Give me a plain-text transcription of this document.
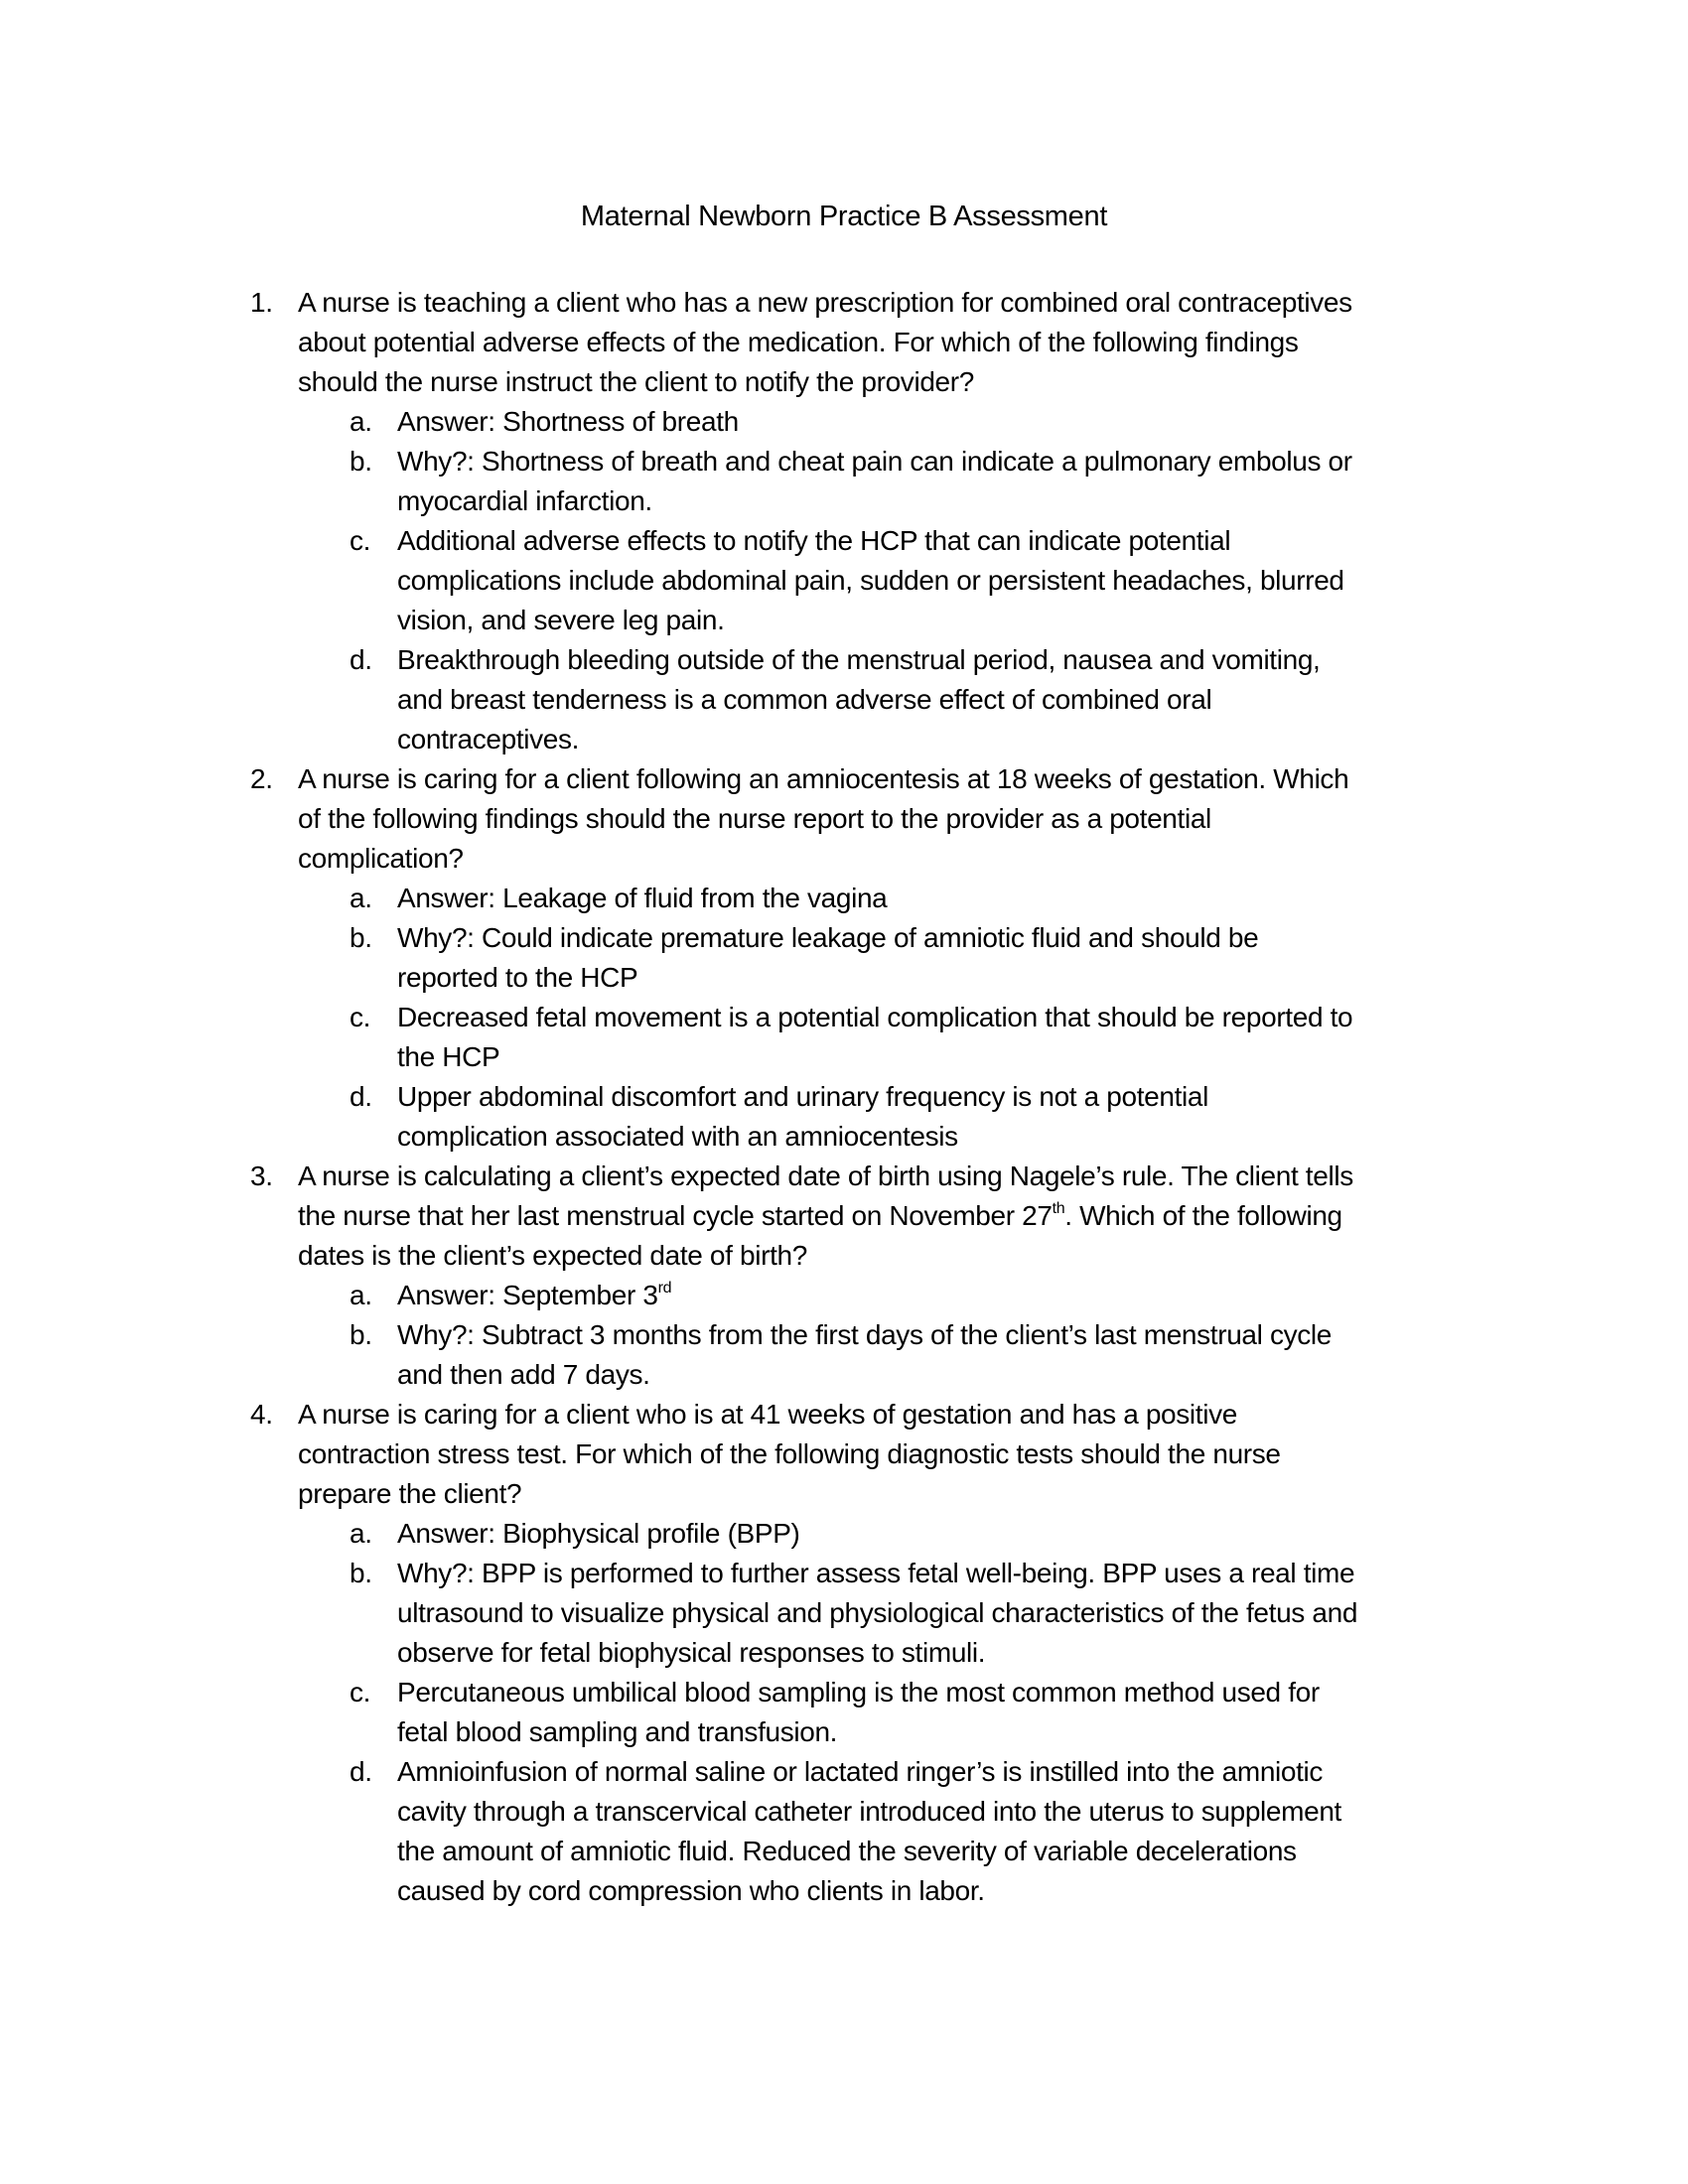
Maternal Newborn Practice B Assessment
1. A nurse is teaching a client who has a new prescription for combined oral contraceptives
about potential adverse effects of the medication. For which of the following findings
should the nurse instruct the client to notify the provider?
a. Answer: Shortness of breath
b. Why?: Shortness of breath and cheat pain can indicate a pulmonary embolus or
myocardial infarction.
c. Additional adverse effects to notify the HCP that can indicate potential
complications include abdominal pain, sudden or persistent headaches, blurred
vision, and severe leg pain.
d. Breakthrough bleeding outside of the menstrual period, nausea and vomiting,
and breast tenderness is a common adverse effect of combined oral
contraceptives.
2. A nurse is caring for a client following an amniocentesis at 18 weeks of gestation. Which
of the following findings should the nurse report to the provider as a potential
complication?
a. Answer: Leakage of fluid from the vagina
b. Why?: Could indicate premature leakage of amniotic fluid and should be
reported to the HCP
c. Decreased fetal movement is a potential complication that should be reported to
the HCP
d. Upper abdominal discomfort and urinary frequency is not a potential
complication associated with an amniocentesis
3. A nurse is calculating a client’s expected date of birth using Nagele’s rule. The client tells
the nurse that her last menstrual cycle started on November 27th. Which of the following
dates is the client’s expected date of birth?
a. Answer: September 3rd
b. Why?: Subtract 3 months from the first days of the client’s last menstrual cycle
and then add 7 days.
4. A nurse is caring for a client who is at 41 weeks of gestation and has a positive
contraction stress test. For which of the following diagnostic tests should the nurse
prepare the client?
a. Answer: Biophysical profile (BPP)
b. Why?: BPP is performed to further assess fetal well-being. BPP uses a real time
ultrasound to visualize physical and physiological characteristics of the fetus and
observe for fetal biophysical responses to stimuli.
c. Percutaneous umbilical blood sampling is the most common method used for
fetal blood sampling and transfusion.
d. Amnioinfusion of normal saline or lactated ringer’s is instilled into the amniotic
cavity through a transcervical catheter introduced into the uterus to supplement
the amount of amniotic fluid. Reduced the severity of variable decelerations
caused by cord compression who clients in labor.
